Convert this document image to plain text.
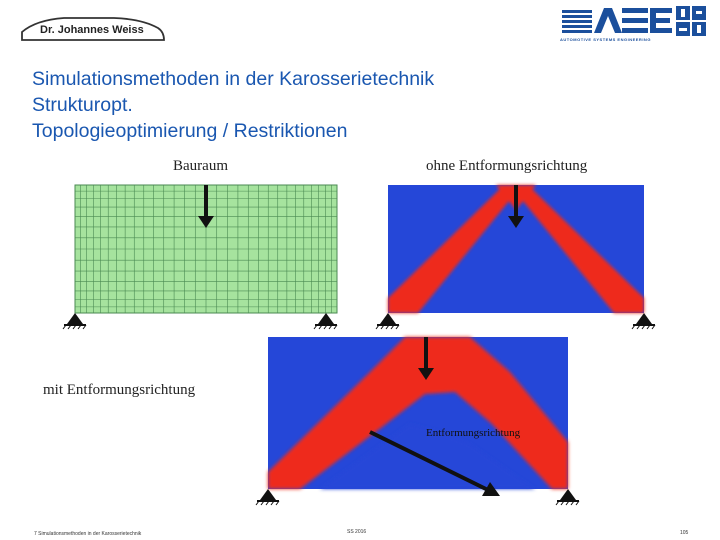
Dr. Johannes Weiss
AUTOMOTIVE SYSTEMS ENGINEERING
Simulationsmethoden in der Karosserietechnik
Strukturopt.
Topologieoptimierung / Restriktionen
Bauraum	ohne Entformungsrichtung
mit Entformungsrichtung
Entformungsrichtung
7 Simulationsmethoden in der Karosserietechnik	SS 2016	105
